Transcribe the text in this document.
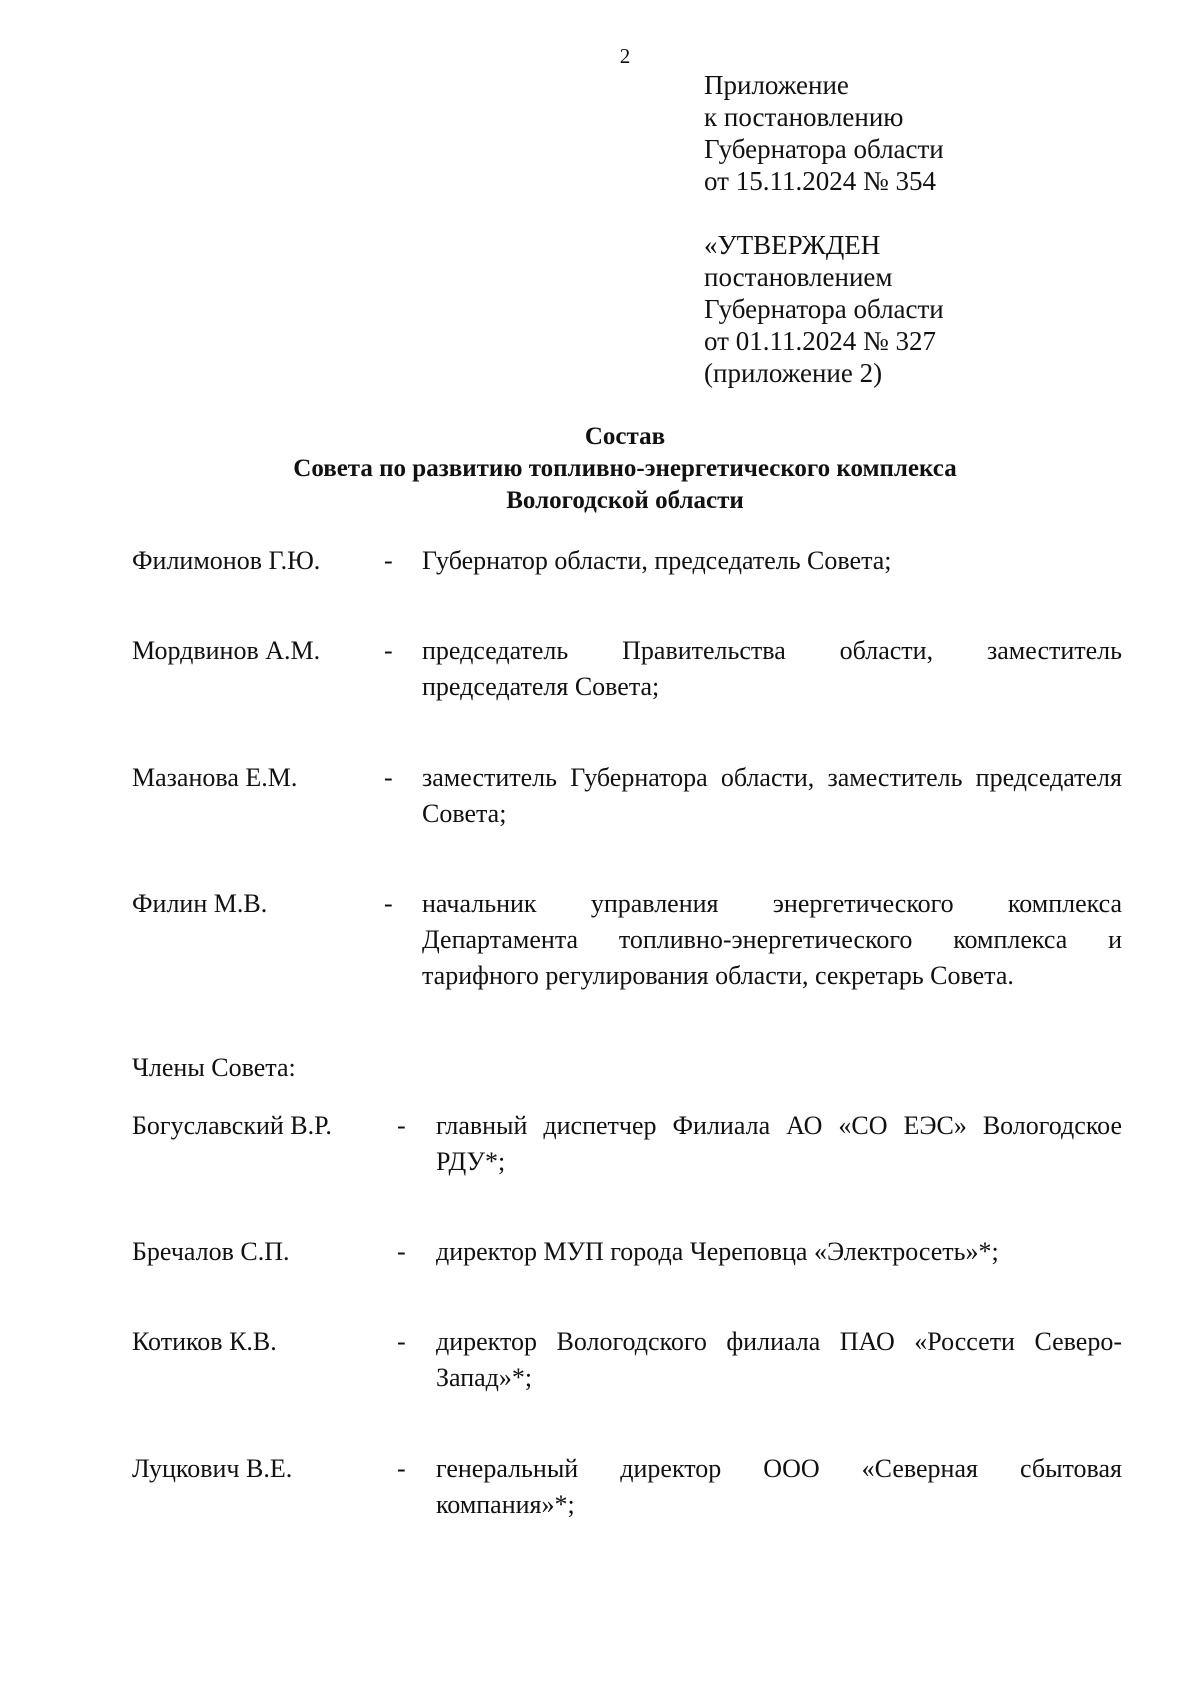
2
Приложение
к постановлению
Губернатора области
от 15.11.2024 № 354
«УТВЕРЖДЕН
постановлением
Губернатора области
от 01.11.2024 № 327
(приложение 2)
Состав
Совета по развитию топливно-энергетического комплекса
Вологодской области
Филимонов Г.Ю. - Губернатор области, председатель Совета;
Мордвинов А.М. - председатель Правительства области, заместитель председателя Совета;
Мазанова Е.М.	- заместитель Губернатора области, заместитель председателя Совета;
Филин М.В.	- начальник управления энергетического комплекса Департамента топливно-энергетического комплекса и тарифного регулирования области, секретарь Совета.
Члены Совета:
Богуславский В.Р.	- главный диспетчер Филиала АО «СО ЕЭС» Вологодское РДУ*;
Бречалов С.П.	- директор МУП города Череповца «Электросеть»*;
Котиков К.В.	- директор Вологодского филиала ПАО «Россети Северо-Запад»*;
Луцкович В.Е.	- генеральный директор ООО «Северная сбытовая компания»*;
